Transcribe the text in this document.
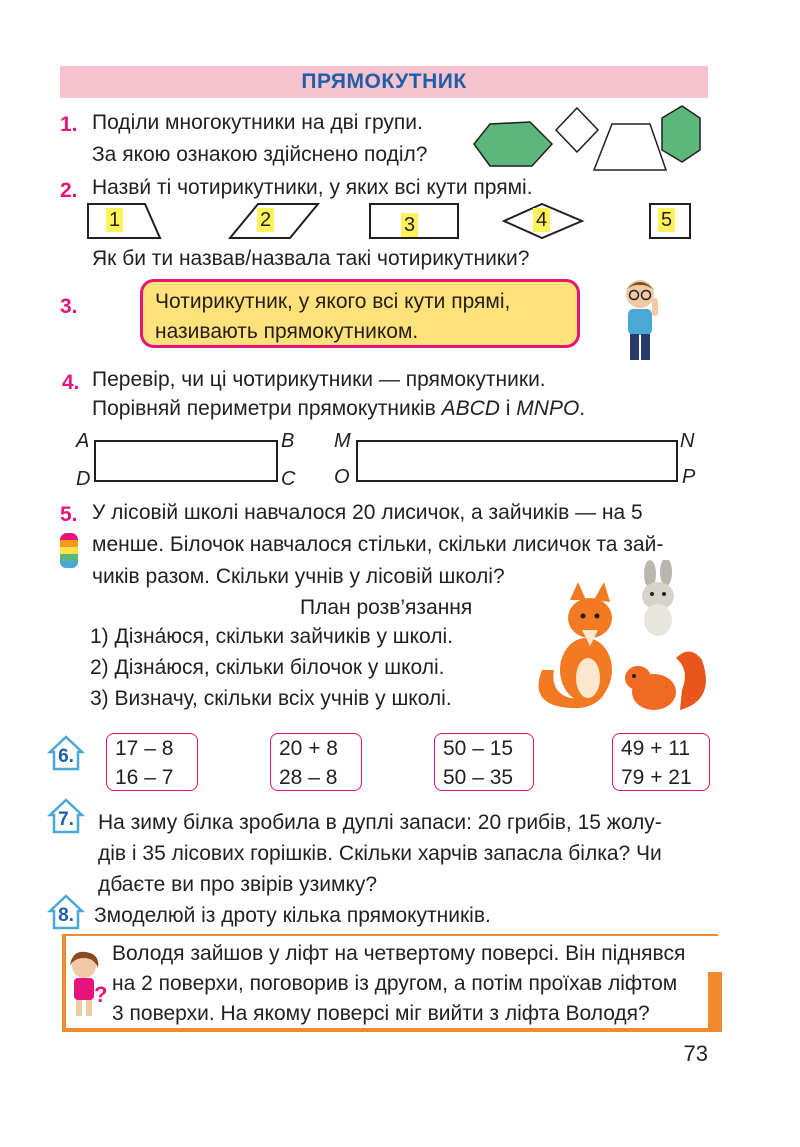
ПРЯМОКУТНИК
1. Поділи многокутники на дві групи.
За якою ознакою здійснено поділ?
2. Назви́ ті чотирикутники, у яких всі кути прямі.
1	2	3	4	5
Як би ти назвав/назвала такі чотирикутники?
3.	Чотирикутник, у якого всі кути прямі,
називають прямокутником.
4. Перевір, чи ці чотирикутники — прямокутники.
Порівняй периметри прямокутників ABCD і MNPO.
A	B
C
D
M	N
O	P
5. У лісовій школі навчалося 20 лисичок, а зайчиків — на 5
менше. Білочок навчалося стільки, скільки лисичок та зай-
чиків разом. Скільки учнів у лісовій школі?
План розв’язання
1) Дізна́юся, скільки зайчиків у школі.
2) Дізна́юся, скільки білочок у школі.
3) Визначу, скільки всіх учнів у школі.
6.	17 – 8
16 – 7
20 + 8
28 – 8
50 – 15
50 – 35
49 + 11
79 + 21
7.	На зиму білка зробила в дуплі запаси: 20 грибів, 15 жолу-
дів і 35 лісових горішків. Скільки харчів запасла білка? Чи
дбаєте ви про звірів узимку?
8. Змоделюй із дроту кілька прямокутників.
?
Володя зайшов у ліфт на четвертому поверсі. Він піднявся
на 2 поверхи, поговорив із другом, а потім проїхав ліфтом
3 поверхи. На якому поверсі міг вийти з ліфта Володя?
73
